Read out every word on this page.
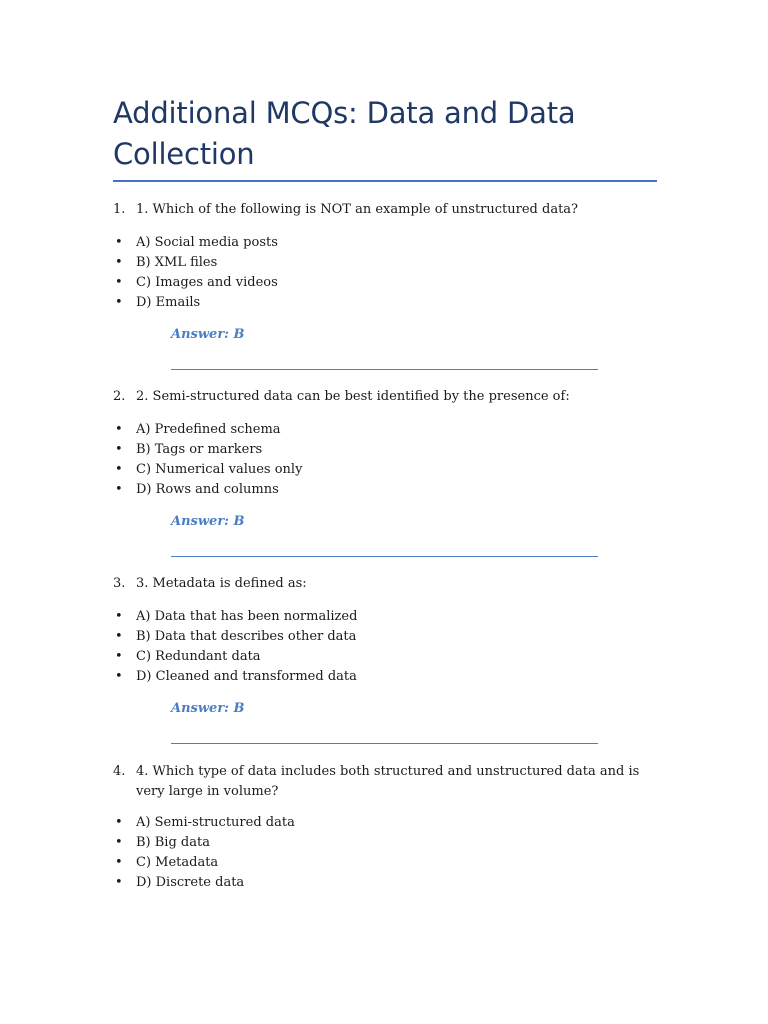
Additional MCQs: Data and Data Collection
1. 1. Which of the following is NOT an example of unstructured data?
• A) Social media posts
• B) XML files
• C) Images and videos
• D) Emails
Answer: B
2. 2. Semi-structured data can be best identified by the presence of:
• A) Predefined schema
• B) Tags or markers
• C) Numerical values only
• D) Rows and columns
Answer: B
3. 3. Metadata is defined as:
• A) Data that has been normalized
• B) Data that describes other data
• C) Redundant data
• D) Cleaned and transformed data
Answer: B
4. 4. Which type of data includes both structured and unstructured data and is very large in volume?
• A) Semi-structured data
• B) Big data
• C) Metadata
• D) Discrete data
